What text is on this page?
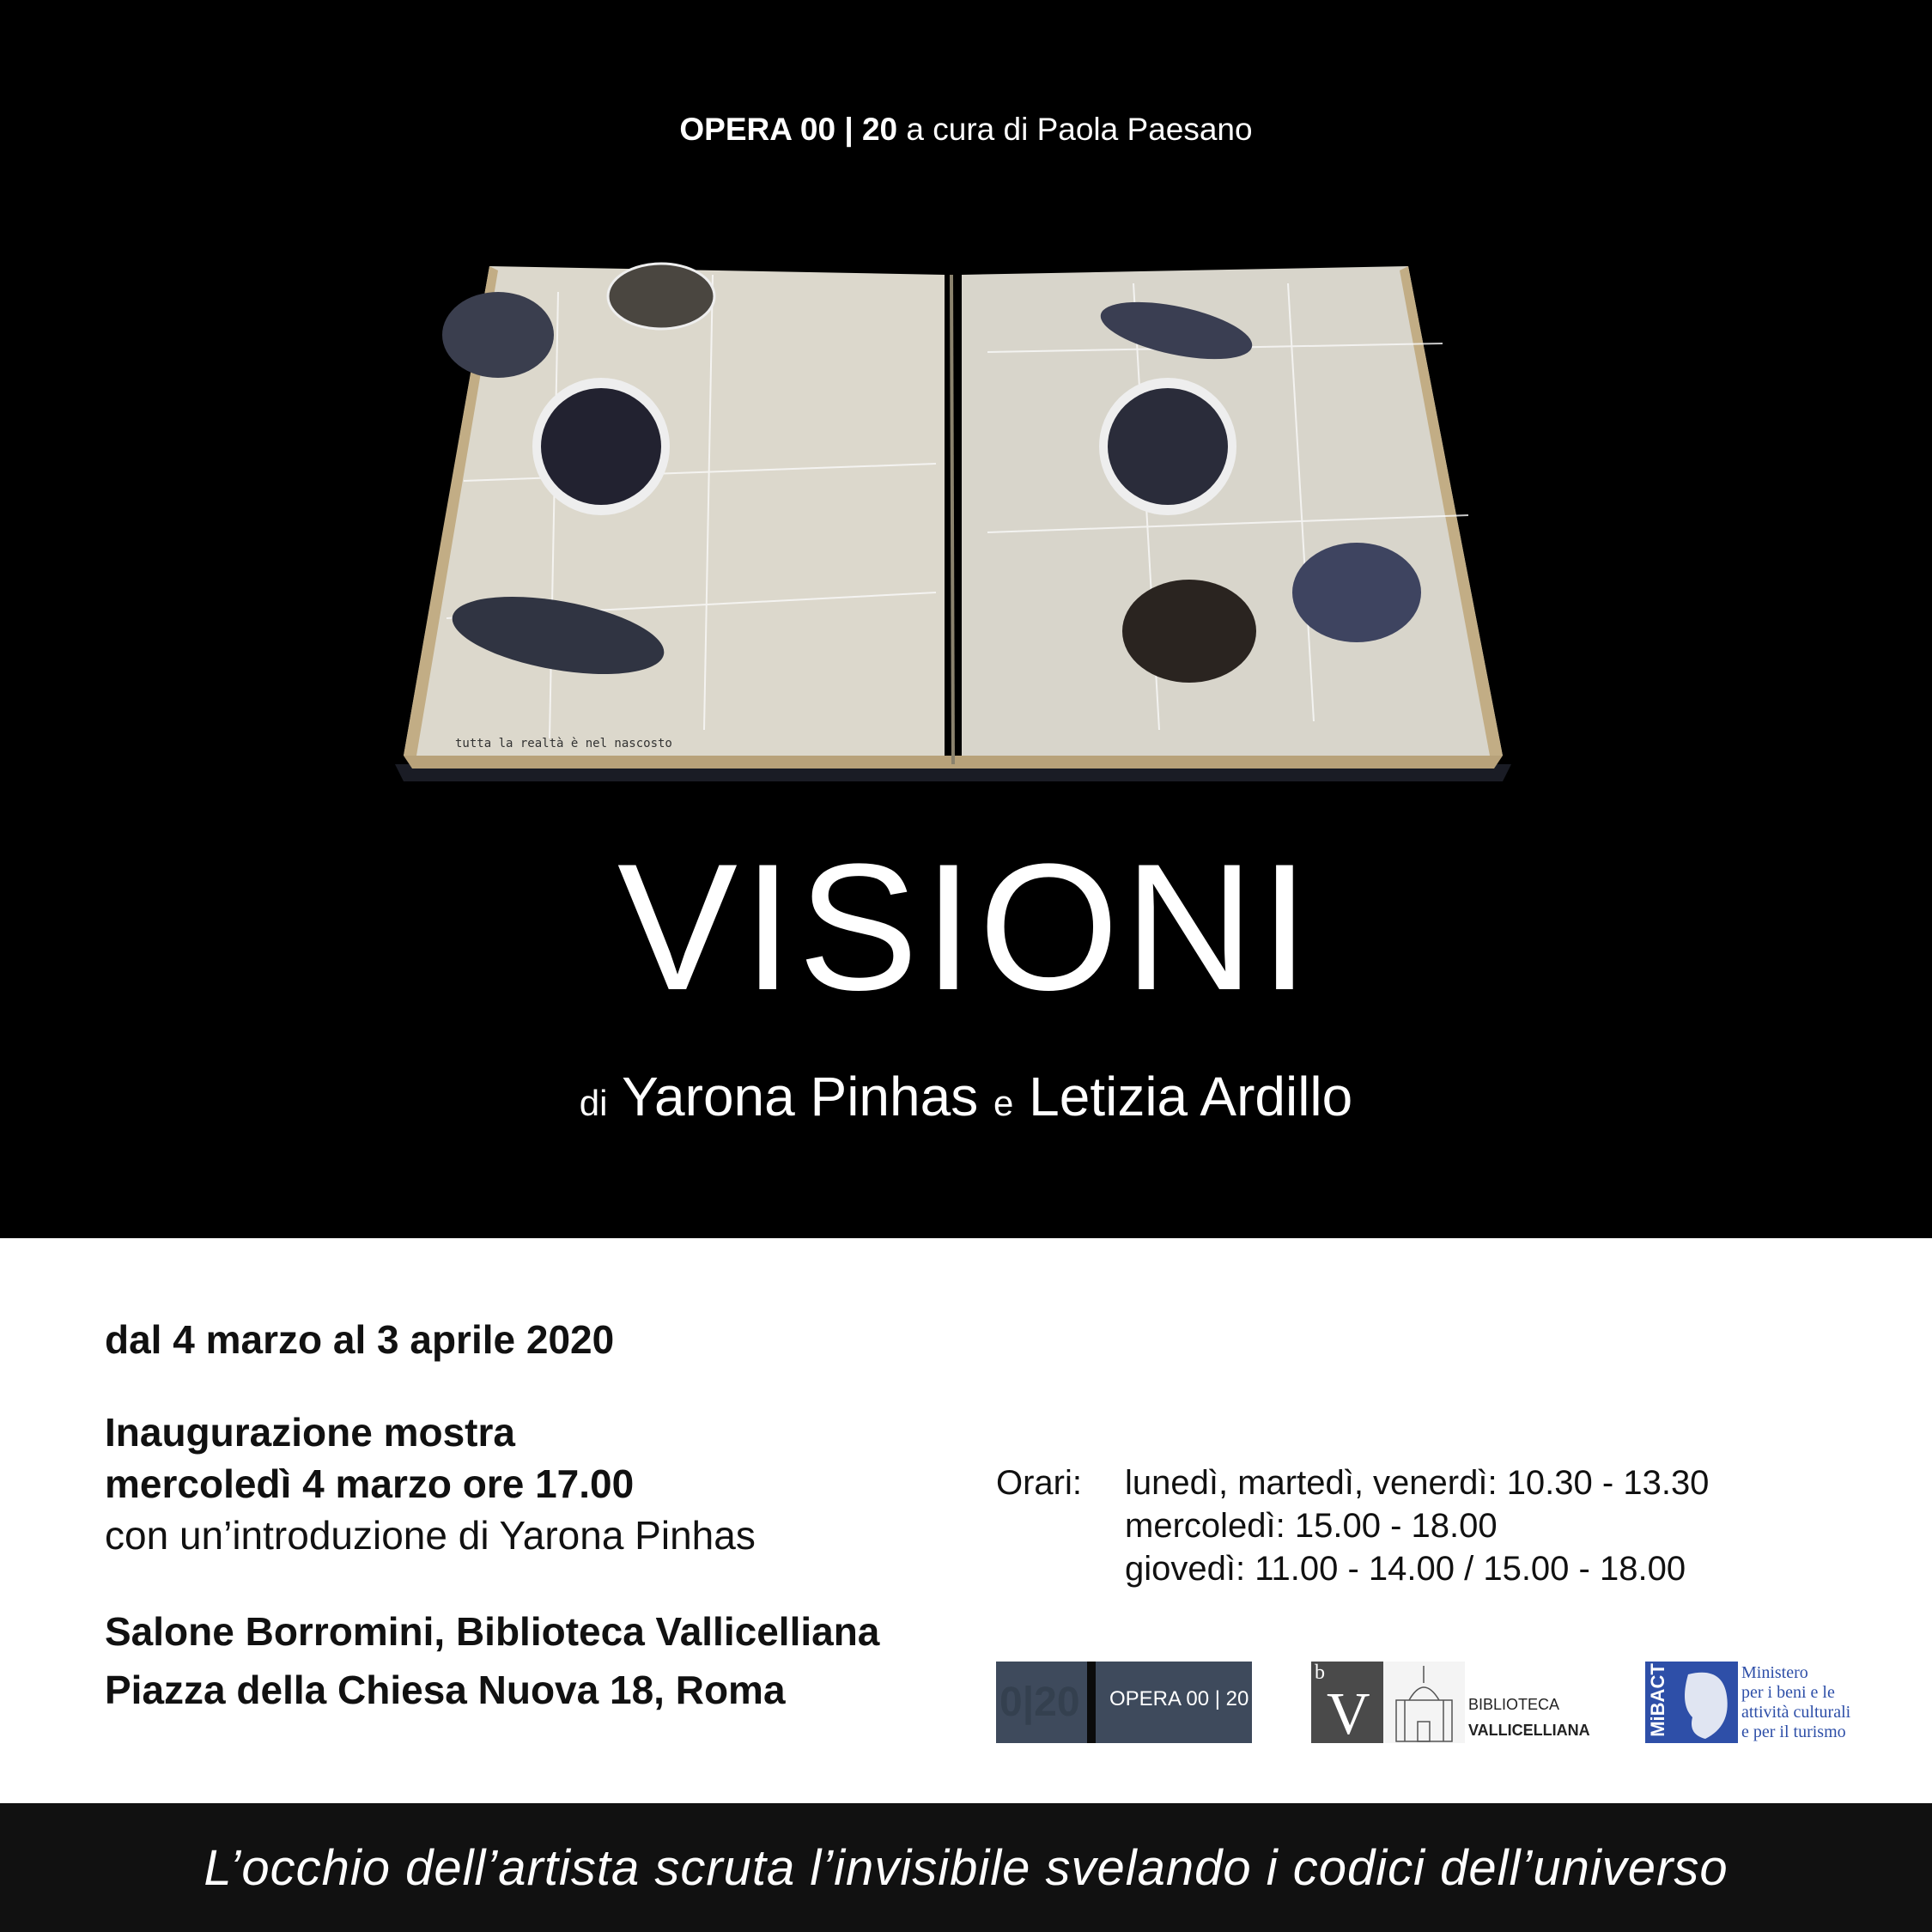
OPERA 00 | 20 a cura di Paola Paesano
tutta la realtà è nel nascosto
VISIONI
di Yarona Pinhas e Letizia Ardillo
dal 4 marzo al 3 aprile 2020
Inaugurazione mostra
mercoledì 4 marzo ore 17.00
con un’introduzione di Yarona Pinhas
Salone Borromini, Biblioteca Vallicelliana
Piazza della Chiesa Nuova 18, Roma
Orari: lunedì, martedì, venerdì: 10.30 - 13.30
mercoledì: 15.00 - 18.00
giovedì: 11.00 - 14.00 / 15.00 - 18.00
0|20 OPERA 00 | 20
b
V	BIBLIOTECA
VALLICELLIANA	MiBACT	Ministero
per i beni e le
attività culturali
e per il turismo
L’occhio dell’artista scruta l’invisibile svelando i codici dell’universo
